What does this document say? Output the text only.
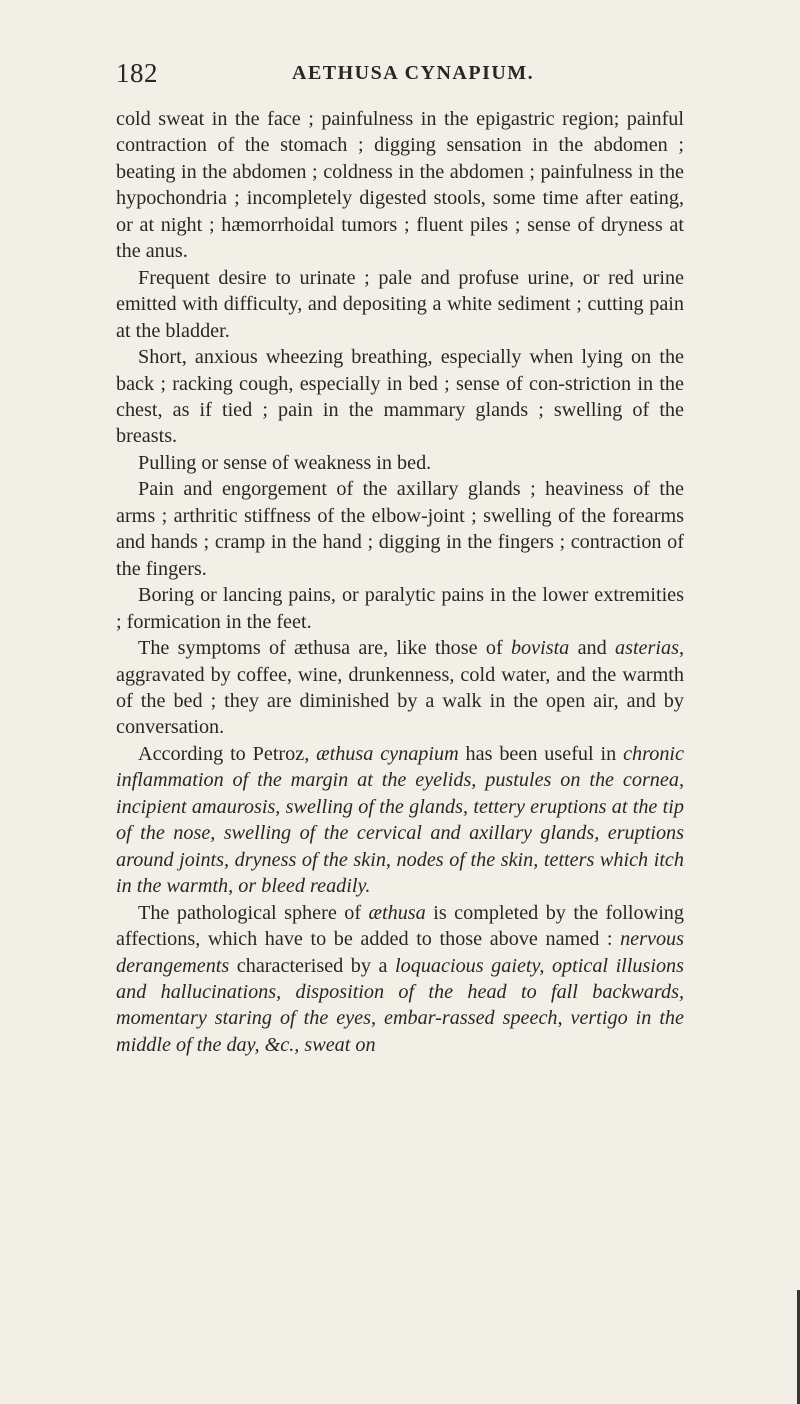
182	AETHUSA CYNAPIUM.

cold sweat in the face ; painfulness in the epigastric region; painful contraction of the stomach ; digging sensation in the abdomen ; beating in the abdomen ; coldness in the abdomen ; painfulness in the hypochondria ; incompletely digested stools, some time after eating, or at night ; hæmorrhoidal tumors ; fluent piles ; sense of dryness at the anus.

Frequent desire to urinate ; pale and profuse urine, or red urine emitted with difficulty, and depositing a white sediment ; cutting pain at the bladder.

Short, anxious wheezing breathing, especially when lying on the back ; racking cough, especially in bed ; sense of con-striction in the chest, as if tied ; pain in the mammary glands ; swelling of the breasts.

Pulling or sense of weakness in bed.

Pain and engorgement of the axillary glands ; heaviness of the arms ; arthritic stiffness of the elbow-joint ; swelling of the forearms and hands ; cramp in the hand ; digging in the fingers ; contraction of the fingers.

Boring or lancing pains, or paralytic pains in the lower extremities ; formication in the feet.

The symptoms of æthusa are, like those of bovista and asterias, aggravated by coffee, wine, drunkenness, cold water, and the warmth of the bed ; they are diminished by a walk in the open air, and by conversation.

According to Petroz, æthusa cynapium has been useful in chronic inflammation of the margin at the eyelids, pustules on the cornea, incipient amaurosis, swelling of the glands, tettery eruptions at the tip of the nose, swelling of the cervical and axillary glands, eruptions around joints, dryness of the skin, nodes of the skin, tetters which itch in the warmth, or bleed readily.

The pathological sphere of æthusa is completed by the following affections, which have to be added to those above named : nervous derangements characterised by a loquacious gaiety, optical illusions and hallucinations, disposition of the head to fall backwards, momentary staring of the eyes, embar-rassed speech, vertigo in the middle of the day, &c., sweat on
